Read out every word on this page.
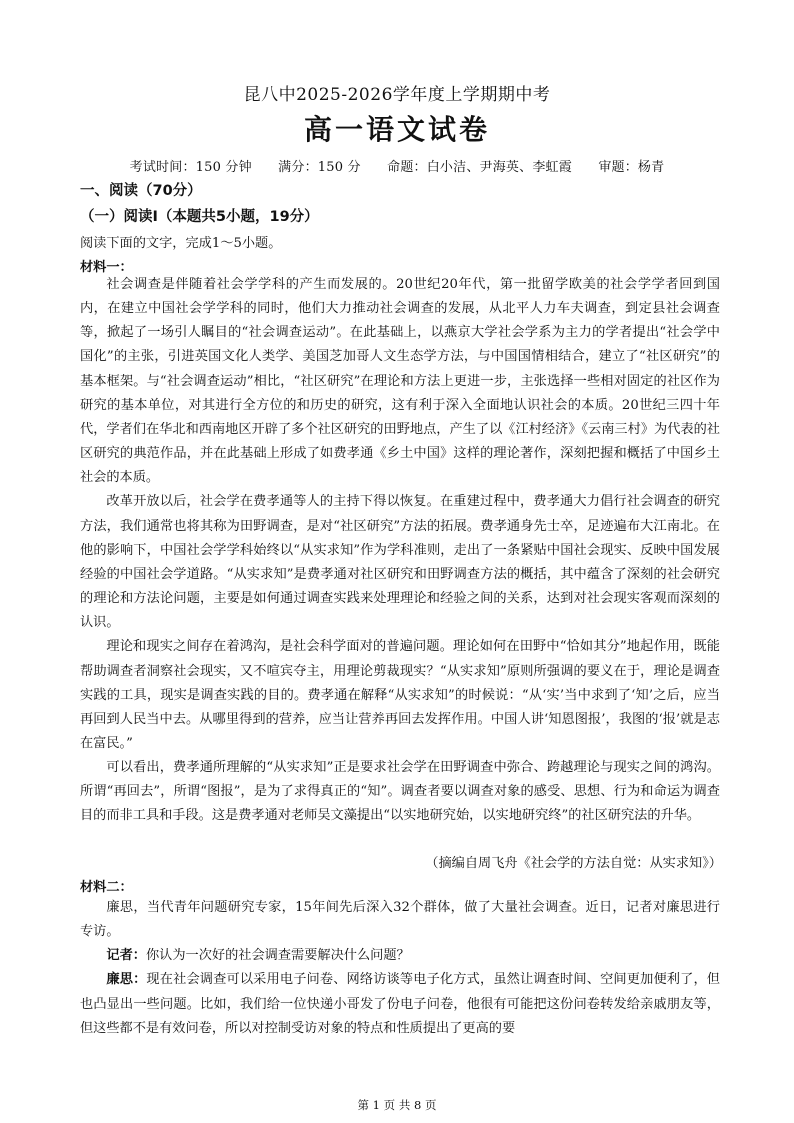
昆八中2025-2026学年度上学期期中考
高一语文试卷
考试时间：150 分钟　　满分：150 分　　命题：白小洁、尹海英、李虹霞　　审题：杨青
一、阅读（70分）
（一）阅读Ⅰ（本题共5小题，19分）
阅读下面的文字，完成1～5小题。
材料一：

社会调查是伴随着社会学学科的产生而发展的。20世纪20年代，第一批留学欧美的社会学学者回到国内，在建立中国社会学学科的同时，他们大力推动社会调查的发展，从北平人力车夫调查，到定县社会调查等，掀起了一场引人瞩目的“社会调查运动”。在此基础上，以燕京大学社会学系为主力的学者提出“社会学中国化”的主张，引进英国文化人类学、美国芝加哥人文生态学方法，与中国国情相结合，建立了“社区研究”的基本框架。与“社会调查运动”相比，“社区研究”在理论和方法上更进一步，主张选择一些相对固定的社区作为研究的基本单位，对其进行全方位的和历史的研究，这有利于深入全面地认识社会的本质。20世纪三四十年代，学者们在华北和西南地区开辟了多个社区研究的田野地点，产生了以《江村经济》《云南三村》为代表的社区研究的典范作品，并在此基础上形成了如费孝通《乡土中国》这样的理论著作，深刻把握和概括了中国乡土社会的本质。

改革开放以后，社会学在费孝通等人的主持下得以恢复。在重建过程中，费孝通大力倡行社会调查的研究方法，我们通常也将其称为田野调查，是对“社区研究”方法的拓展。费孝通身先士卒，足迹遍布大江南北。在他的影响下，中国社会学学科始终以“从实求知”作为学科准则，走出了一条紧贴中国社会现实、反映中国发展经验的中国社会学道路。“从实求知”是费孝通对社区研究和田野调查方法的概括，其中蕴含了深刻的社会研究的理论和方法论问题，主要是如何通过调查实践来处理理论和经验之间的关系，达到对社会现实客观而深刻的认识。

理论和现实之间存在着鸿沟，是社会科学面对的普遍问题。理论如何在田野中“恰如其分”地起作用，既能帮助调查者洞察社会现实，又不喧宾夺主，用理论剪裁现实？“从实求知”原则所强调的要义在于，理论是调查实践的工具，现实是调查实践的目的。费孝通在解释“从实求知”的时候说：“从‘实’当中求到了‘知’之后，应当再回到人民当中去。从哪里得到的营养，应当让营养再回去发挥作用。中国人讲‘知恩图报’，我图的‘报’就是志在富民。”

可以看出，费孝通所理解的“从实求知”正是要求社会学在田野调查中弥合、跨越理论与现实之间的鸿沟。所谓“再回去”，所谓“图报”，是为了求得真正的“知”。调查者要以调查对象的感受、思想、行为和命运为调查目的而非工具和手段。这是费孝通对老师吴文藻提出“以实地研究始，以实地研究终”的社区研究法的升华。

（摘编自周飞舟《社会学的方法自觉：从实求知》）
材料二：

廉思，当代青年问题研究专家，15年间先后深入32个群体，做了大量社会调查。近日，记者对廉思进行专访。

记者：你认为一次好的社会调查需要解决什么问题？

廉思：现在社会调查可以采用电子问卷、网络访谈等电子化方式，虽然让调查时间、空间更加便利了，但也凸显出一些问题。比如，我们给一位快递小哥发了份电子问卷，他很有可能把这份问卷转发给亲戚朋友等，但这些都不是有效问卷，所以对控制受访对象的特点和性质提出了更高的要

第 1 页 共 8 页
